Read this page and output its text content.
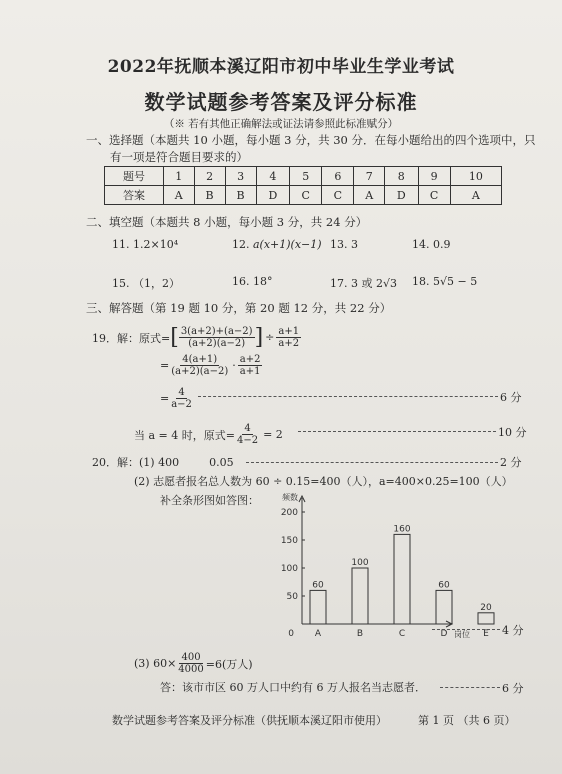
2022年抚顺本溪辽阳市初中毕业生学业考试
数学试题参考答案及评分标准
（※ 若有其他正确解法或证法请参照此标准赋分）
一、选择题（本题共 10 小题，每小题 3 分，共 30 分．在每小题给出的四个选项中，只
有一项是符合题目要求的）
题号	1	2	3	4	5	6	7	8	9	10
答案	A	B	B	D	C	C	A	D	C	A
二、填空题（本题共 8 小题，每小题 3 分，共 24 分）
11. 1.2×10⁴	12. a(x+1)(x−1) 13. 3	14. 0.9
15. （1，2）	16. 18°	17. 3 或 2√3 18. 5√5 − 5
三、解答题（第 19 题 10 分，第 20 题 12 分，共 22 分）
19．解：原式= [ $\frac{3(a+2)+(a-2)}{(a+2)(a-2)}$ ] ÷ $\frac{a+1}{a+2}$
= $\frac{4(a+1)}{(a+2)(a-2)} \cdot \frac{a+2}{a+1}$
= $\frac{4}{a-2}$	6 分
当 a = 4 时，原式= $\frac{4}{4-2} = 2$	10 分
20．解：(1) 400	0.05	2 分
(2) 志愿者报名总人数为 60 ÷ 0.15=400（人），a=400×0.25=100（人）
补全条形图如答图：
0
50
100
150
200
频数
岗位
60
A
100
B
160
C
60
D
20
E 4 分
(3) $60\times \frac{400}{4000} =6$(万人)
答：该市市区 60 万人口中约有 6 万人报名当志愿者．	6 分
数学试题参考答案及评分标准（供抚顺本溪辽阳市使用）	第 1 页 （共 6 页）
